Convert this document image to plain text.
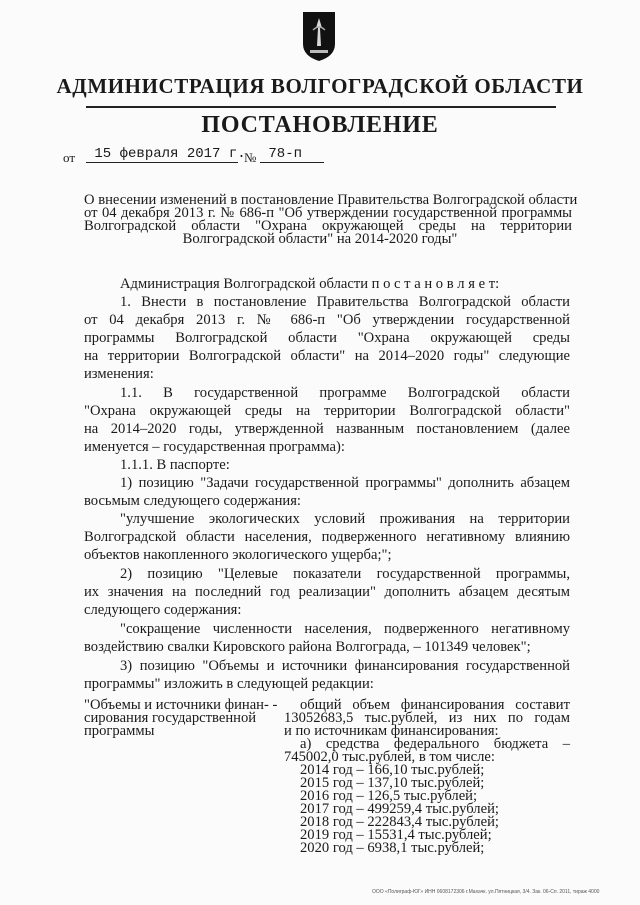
АДМИНИСТРАЦИЯ ВОЛГОГРАДСКОЙ ОБЛАСТИ
ПОСТАНОВЛЕНИЕ
от	15 февраля 2017 г.
№ 78-п
О внесении изменений в постановление Правительства Волгоградской области
от 04 декабря 2013 г. № 686-п "Об утверждении государственной программы
Волгоградской области "Охрана окружающей среды на территории
Волгоградской области" на 2014-2020 годы"
Администрация Волгоградской области п о с т а н о в л я е т:
1. Внести в постановление Правительства Волгоградской области
от 04 декабря 2013 г. № 686-п "Об утверждении государственной
программы Волгоградской области "Охрана окружающей среды
на территории Волгоградской области" на 2014–2020 годы" следующие
изменения:
1.1. В государственной программе Волгоградской области
"Охрана окружающей среды на территории Волгоградской области"
на 2014–2020 годы, утвержденной названным постановлением (далее
именуется – государственная программа):
1.1.1. В паспорте:
1) позицию "Задачи государственной программы" дополнить абзацем
восьмым следующего содержания:
"улучшение экологических условий проживания на территории
Волгоградской области населения, подверженного негативному влиянию
объектов накопленного экологического ущерба;";
2) позицию "Целевые показатели государственной программы,
их значения на последний год реализации" дополнить абзацем десятым
следующего содержания:
"сокращение численности населения, подверженного негативному
воздействию свалки Кировского района Волгограда, – 101349 человек";
3) позицию "Объемы и источники финансирования государственной
программы" изложить в следующей редакции:
"Объемы и источники финан- -
сирования государственной
программы
общий объем финансирования составит
13052683,5 тыс.рублей, из них по годам
и по источникам финансирования:
а) средства федерального бюджета –
745002,0 тыс.рублей, в том числе:
2014 год – 166,10 тыс.рублей;
2015 год – 137,10 тыс.рублей;
2016 год – 126,5 тыс.рублей;
2017 год – 499259,4 тыс.рублей;
2018 год – 222843,4 тыс.рублей;
2019 год – 15531,4 тыс.рублей;
2020 год – 6938,1 тыс.рублей;
ООО «Полиграф-ЮГ» ИНН 0608172306 г.Махачк. ул.Пятницкая, 3/4. Зак. 06-Сп. 2011, тираж 4000
